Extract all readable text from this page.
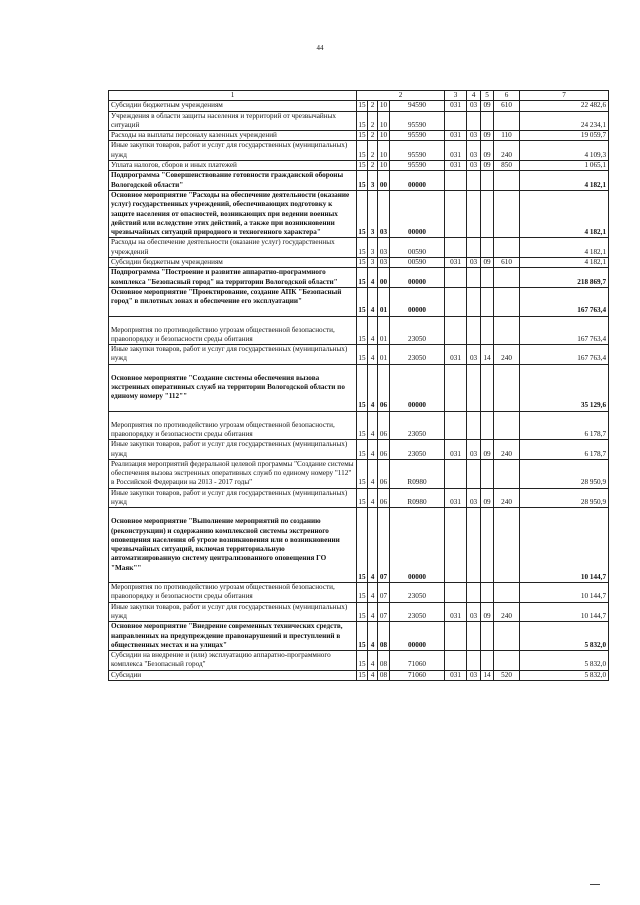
44
1	2				3	4	5	6	7
Субсидии бюджетным учреждениям	15	2	10	94590	031	03	09	610	22 482,6
Учреждения в области защиты населения и территорий от чрезвычайных ситуаций	15	2	10	95590					24 234,1
Расходы на выплаты персоналу казенных учреждений	15	2	10	95590	031	03	09	110	19 059,7
Иные закупки товаров, работ и услуг для государственных (муниципальных) нужд	15	2	10	95590	031	03	09	240	4 109,3
Уплата налогов, сборов и иных платежей	15	2	10	95590	031	03	09	850	1 065,1
Подпрограмма "Совершенствование готовности гражданской обороны Вологодской области"	15	3	00	00000					4 182,1
Основное мероприятие "Расходы на обеспечение деятельности (оказание услуг) государственных учреждений, обеспечивающих подготовку к защите населения от опасностей, возникающих при ведении военных действий или вследствие этих действий, а также при возникновении чрезвычайных ситуаций природного и техногенного характера"	15	3	03	00000					4 182,1
Расходы на обеспечение деятельности (оказание услуг) государственных учреждений	15	3	03	00590					4 182,1
Субсидии бюджетным учреждениям	15	3	03	00590	031	03	09	610	4 182,1
Подпрограмма "Построение и развитие аппаратно-программного комплекса "Безопасный город" на территории Вологодской области"	15	4	00	00000					218 869,7
Основное мероприятие "Проектирование, создание АПК "Безопасный город" в пилотных зонах и обеспечение его эксплуатации"	15	4	01	00000					167 763,4

Мероприятия по противодействию угрозам общественной безопасности, правопорядку и безопасности среды обитания	15	4	01	23050					167 763,4
Иные закупки товаров, работ и услуг для государственных (муниципальных) нужд	15	4	01	23050	031	03	14	240	167 763,4

Основное мероприятие "Создание системы обеспечения вызова экстренных оперативных служб на территории Вологодской области по единому номеру "112""	15	4	06	00000					35 129,6

Мероприятия по противодействию угрозам общественной безопасности, правопорядку и безопасности среды обитания	15	4	06	23050					6 178,7
Иные закупки товаров, работ и услуг для государственных (муниципальных) нужд	15	4	06	23050	031	03	09	240	6 178,7
Реализация мероприятий федеральной целевой программы "Создание системы обеспечения вызова экстренных оперативных служб по единому номеру "112" в Российской Федерации на 2013 - 2017 годы"	15	4	06	R0980					28 950,9
Иные закупки товаров, работ и услуг для государственных (муниципальных) нужд	15	4	06	R0980	031	03	09	240	28 950,9

Основное мероприятие "Выполнение мероприятий по созданию (реконструкции) и содержанию комплексной системы экстренного оповещения населения об угрозе возникновения или о возникновении чрезвычайных ситуаций, включая территориальную автоматизированную систему централизованного оповещения ГО "Маяк""	15	4	07	00000					10 144,7
Мероприятия по противодействию угрозам общественной безопасности, правопорядку и безопасности среды обитания	15	4	07	23050					10 144,7
Иные закупки товаров, работ и услуг для государственных (муниципальных) нужд	15	4	07	23050	031	03	09	240	10 144,7
Основное мероприятие "Внедрение современных технических средств, направленных на предупреждение правонарушений и преступлений в общественных местах и на улицах"	15	4	08	00000					5 832,0
Субсидии на внедрение и (или) эксплуатацию аппаратно-программного комплекса "Безопасный город"	15	4	08	71060					5 832,0
Субсидии	15	4	08	71060	031	03	14	520	5 832,0
